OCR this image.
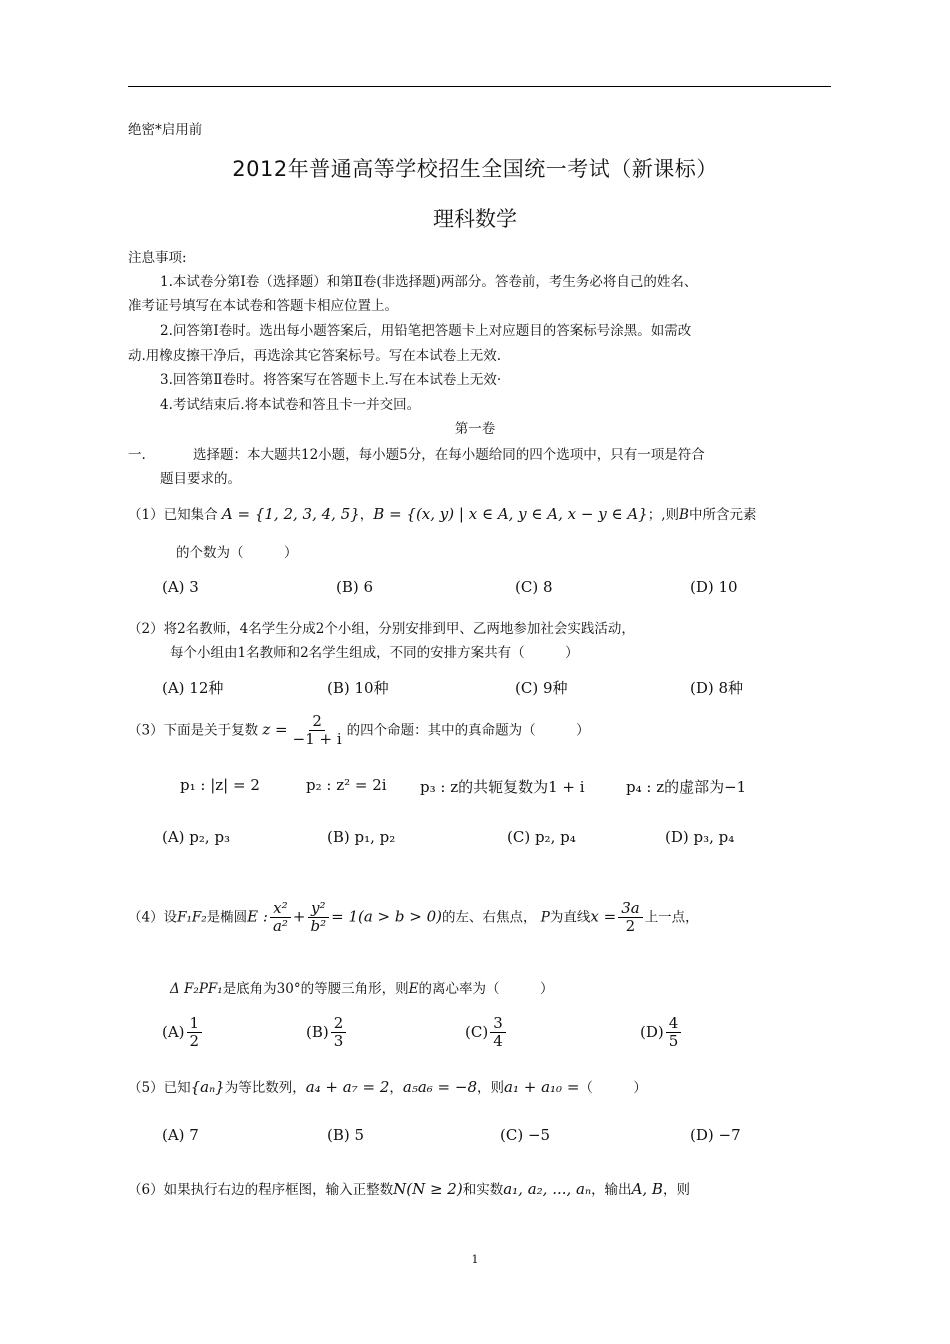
绝密*启用前
2012年普通高等学校招生全国统一考试（新课标）
理科数学
注息事项:
1.本试卷分第Ⅰ卷（选择题）和第Ⅱ卷(非选择题)两部分。答卷前，考生务必将自己的姓名、
准考证号填写在本试卷和答题卡相应位置上。
2.问答第Ⅰ卷时。选出每小题答案后，用铅笔把答题卡上对应题目的答案标号涂黑。如需改
动.用橡皮擦干净后，再选涂其它答案标号。写在本试卷上无效.
3.回答第Ⅱ卷时。将答案写在答题卡上.写在本试卷上无效·
4.考试结束后.将本试卷和答且卡一并交回。
第一卷
一.	选择题：本大题共12小题，每小题5分，在每小题给同的四个选项中，只有一项是符合
题目要求的。
（1）已知集合 A = {1, 2, 3, 4, 5}，B = {(x, y) | x ∈ A, y ∈ A, x − y ∈ A}；,则B中所含元素
的个数为（　　　）
(A) 3	(B) 6	(C) 8	(D) 10
（2）将2名教师，4名学生分成2个小组，分别安排到甲、乙两地参加社会实践活动，
每个小组由1名教师和2名学生组成，不同的安排方案共有（　　　）
(A) 12种	(B) 10种	(C) 9种	(D) 8种
（3）下面是关于复数 $z = \frac{2}{-1 + i}$ 的四个命题：其中的真命题为（　　　）
p₁ : |z| = 2	p₂ : z² = 2i p₃ : z的共轭复数为1 + i	p₄ : z的虚部为−1
(A) p₂, p₃	(B) p₁, p₂	(C) p₂, p₄	(D) p₃, p₄
（4）设F₁F₂是椭圆E : $\frac{\text{x²}}{\text{a²}} + \frac{\text{y²}}{\text{b²}} = 1(a > b > 0)$的左、右焦点， P为直线$x = \frac{3a}{2}$ 上一点，
Δ F₂PF₁是底角为30°的等腰三角形，则E的离心率为（　　　）
$(A) \frac{1}{2}$	$(B) \frac{2}{3}$	$(C) \frac{3}{4}$	$(D) \frac{4}{5}$
（5）已知{aₙ}为等比数列，a₄ + a₇ = 2，a₅a₆ = −8，则a₁ + a₁₀ =（　　　）
(A) 7	(B) 5	(C) −5	(D) −7
（6）如果执行右边的程序框图，输入正整数N(N ≥ 2)和实数a₁, a₂, ..., aₙ，输出A, B，则
1
